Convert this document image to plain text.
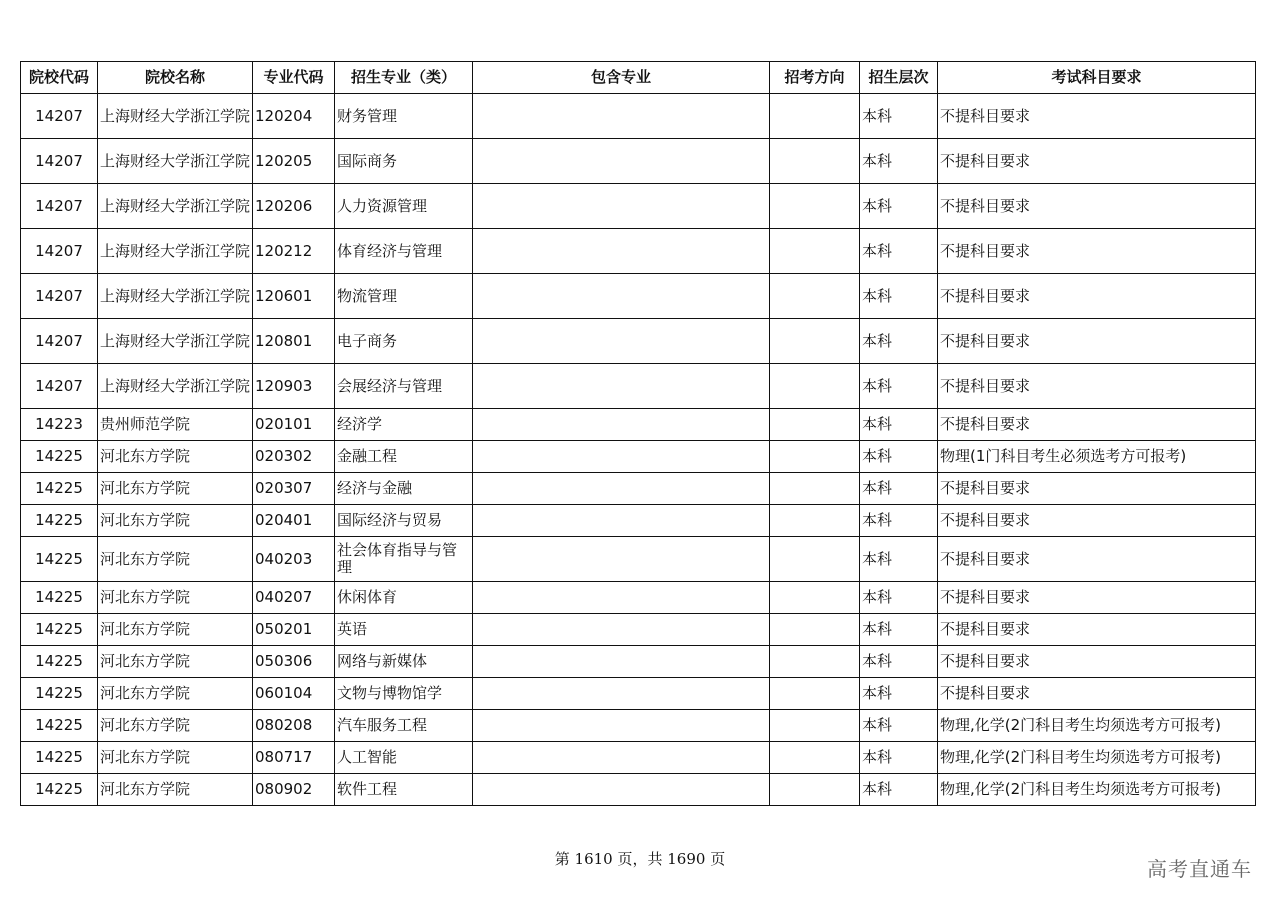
院校代码	院校名称	专业代码	招生专业（类）	包含专业	招考方向	招生层次	考试科目要求
14207	上海财经大学浙江学院	120204	财务管理			本科	不提科目要求
14207	上海财经大学浙江学院	120205	国际商务			本科	不提科目要求
14207	上海财经大学浙江学院	120206	人力资源管理			本科	不提科目要求
14207	上海财经大学浙江学院	120212	体育经济与管理			本科	不提科目要求
14207	上海财经大学浙江学院	120601	物流管理			本科	不提科目要求
14207	上海财经大学浙江学院	120801	电子商务			本科	不提科目要求
14207	上海财经大学浙江学院	120903	会展经济与管理			本科	不提科目要求
14223	贵州师范学院	020101	经济学			本科	不提科目要求
14225	河北东方学院	020302	金融工程			本科	物理(1门科目考生必须选考方可报考)
14225	河北东方学院	020307	经济与金融			本科	不提科目要求
14225	河北东方学院	020401	国际经济与贸易			本科	不提科目要求
14225	河北东方学院	040203	社会体育指导与管理			本科	不提科目要求
14225	河北东方学院	040207	休闲体育			本科	不提科目要求
14225	河北东方学院	050201	英语			本科	不提科目要求
14225	河北东方学院	050306	网络与新媒体			本科	不提科目要求
14225	河北东方学院	060104	文物与博物馆学			本科	不提科目要求
14225	河北东方学院	080208	汽车服务工程			本科	物理,化学(2门科目考生均须选考方可报考)
14225	河北东方学院	080717	人工智能			本科	物理,化学(2门科目考生均须选考方可报考)
14225	河北东方学院	080902	软件工程			本科	物理,化学(2门科目考生均须选考方可报考)
第 1610 页，共 1690 页	高考直通车
